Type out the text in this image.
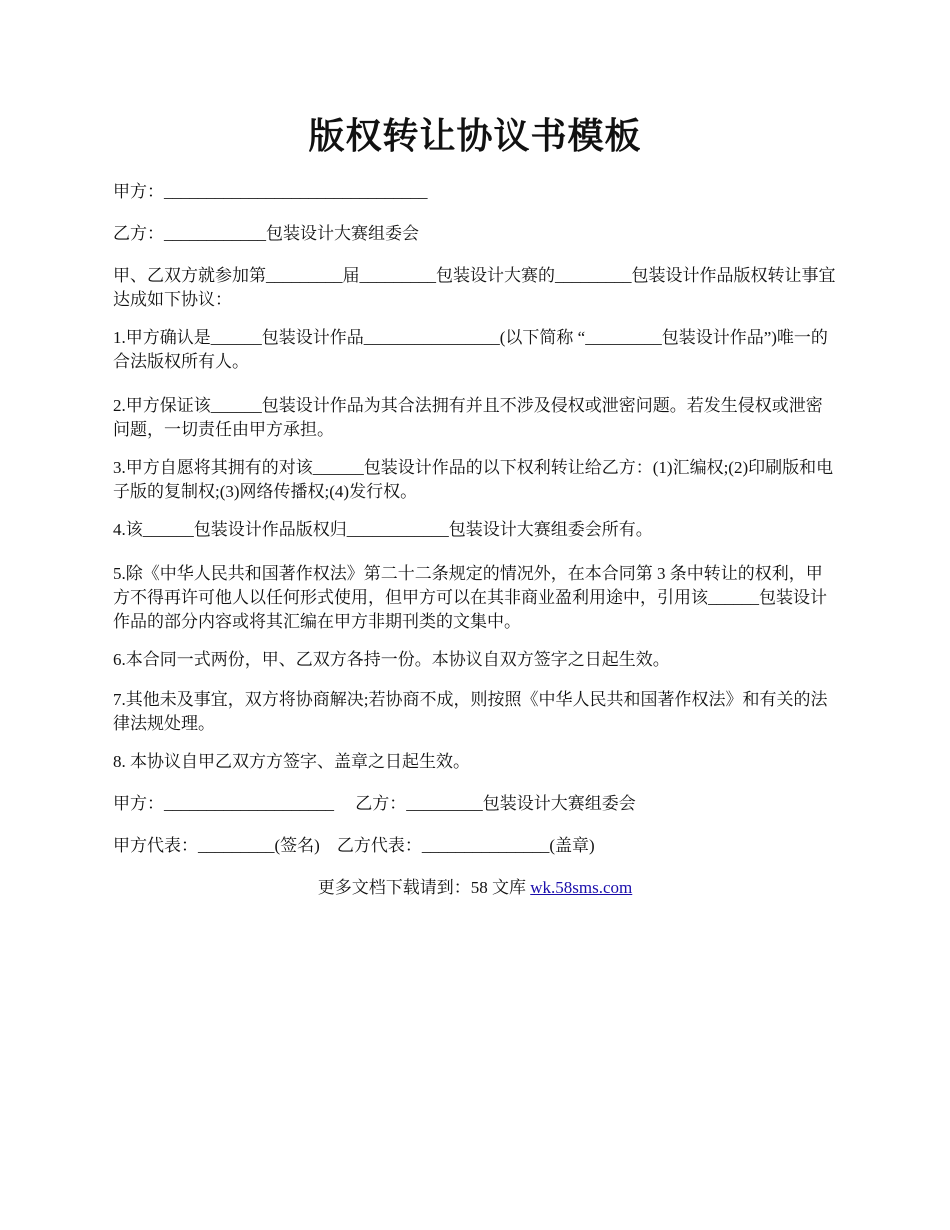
版权转让协议书模板

甲方：_______________________________

乙方：____________包装设计大赛组委会

甲、乙双方就参加第_________届_________包装设计大赛的_________包装设计作品版权转让事宜达成如下协议：

1.甲方确认是______包装设计作品________________(以下简称 “_________包装设计作品”)唯一的合法版权所有人。

2.甲方保证该______包装设计作品为其合法拥有并且不涉及侵权或泄密问题。若发生侵权或泄密问题，一切责任由甲方承担。

3.甲方自愿将其拥有的对该______包装设计作品的以下权利转让给乙方：(1)汇编权;(2)印刷版和电子版的复制权;(3)网络传播权;(4)发行权。

4.该______包装设计作品版权归____________包装设计大赛组委会所有。

5.除《中华人民共和国著作权法》第二十二条规定的情况外，在本合同第 3 条中转让的权利，甲方不得再许可他人以任何形式使用，但甲方可以在其非商业盈利用途中，引用该______包装设计作品的部分内容或将其汇编在甲方非期刊类的文集中。

6.本合同一式两份，甲、乙双方各持一份。本协议自双方签字之日起生效。

7.其他未及事宜，双方将协商解决;若协商不成，则按照《中华人民共和国著作权法》和有关的法律法规处理。

8. 本协议自甲乙双方方签字、盖章之日起生效。

甲方：____________________     乙方：_________包装设计大赛组委会

甲方代表：_________(签名)    乙方代表：_______________(盖章)

更多文档下载请到：58 文库 wk.58sms.com
